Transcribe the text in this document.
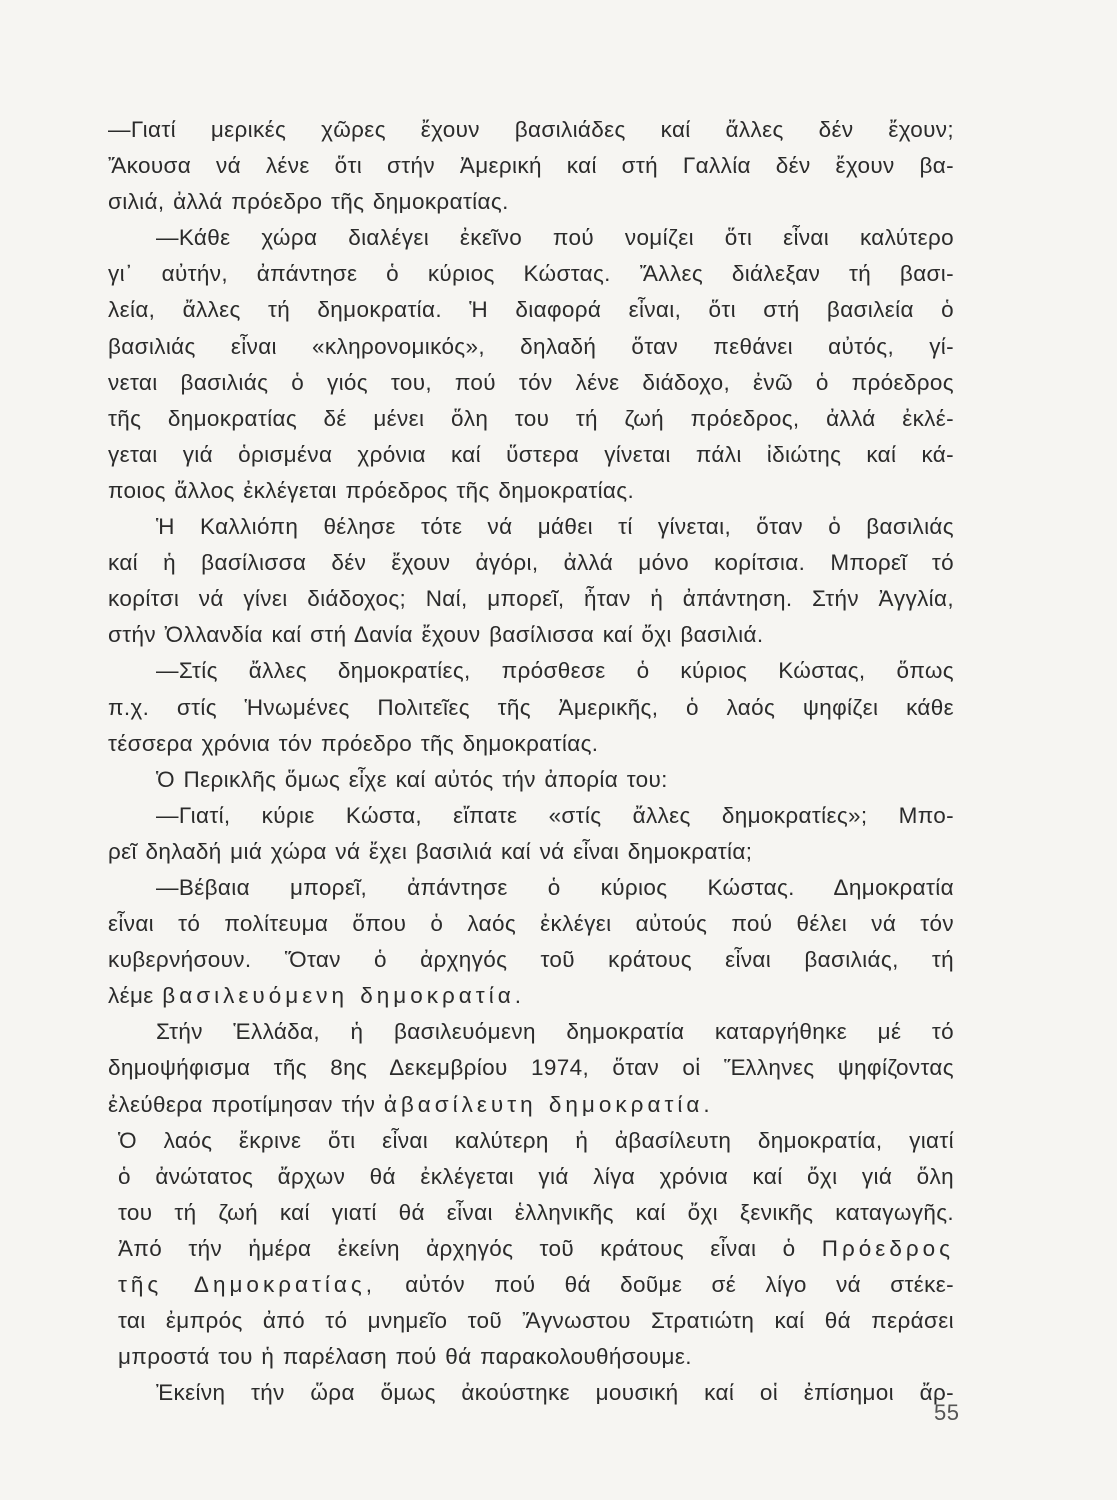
—Γιατί μερικές χῶρες ἔχουν βασιλιάδες καί ἄλλες δέν ἔχουν;
Ἄκουσα νά λένε ὅτι στήν Ἀμερική καί στή Γαλλία δέν ἔχουν βα-
σιλιά, ἀλλά πρόεδρο τῆς δημοκρατίας.
—Κάθε χώρα διαλέγει ἐκεῖνο πού νομίζει ὅτι εἶναι καλύτερο
γι᾽ αὐτήν, ἀπάντησε ὁ κύριος Κώστας. Ἄλλες διάλεξαν τή βασι-
λεία, ἄλλες τή δημοκρατία. Ἡ διαφορά εἶναι, ὅτι στή βασιλεία ὁ
βασιλιάς εἶναι «κληρονομικός», δηλαδή ὅταν πεθάνει αὐτός, γί-
νεται βασιλιάς ὁ γιός του, πού τόν λένε διάδοχο, ἐνῶ ὁ πρόεδρος
τῆς δημοκρατίας δέ μένει ὅλη του τή ζωή πρόεδρος, ἀλλά ἐκλέ-
γεται γιά ὁρισμένα χρόνια καί ὕστερα γίνεται πάλι ἰδιώτης καί κά-
ποιος ἄλλος ἐκλέγεται πρόεδρος τῆς δημοκρατίας.
Ἡ Καλλιόπη θέλησε τότε νά μάθει τί γίνεται, ὅταν ὁ βασιλιάς
καί ἡ βασίλισσα δέν ἔχουν ἀγόρι, ἀλλά μόνο κορίτσια. Μπορεῖ τό
κορίτσι νά γίνει διάδοχος; Ναί, μπορεῖ, ἦταν ἡ ἀπάντηση. Στήν Ἀγγλία,
στήν Ὀλλανδία καί στή Δανία ἔχουν βασίλισσα καί ὄχι βασιλιά.
—Στίς ἄλλες δημοκρατίες, πρόσθεσε ὁ κύριος Κώστας, ὅπως
π.χ. στίς Ἡνωμένες Πολιτεῖες τῆς Ἀμερικῆς, ὁ λαός ψηφίζει κάθε
τέσσερα χρόνια τόν πρόεδρο τῆς δημοκρατίας.
Ὁ Περικλῆς ὅμως εἶχε καί αὐτός τήν ἀπορία του:
—Γιατί, κύριε Κώστα, εἴπατε «στίς ἄλλες δημοκρατίες»; Μπο-
ρεῖ δηλαδή μιά χώρα νά ἔχει βασιλιά καί νά εἶναι δημοκρατία;
—Βέβαια μπορεῖ, ἀπάντησε ὁ κύριος Κώστας. Δημοκρατία
εἶναι τό πολίτευμα ὅπου ὁ λαός ἐκλέγει αὐτούς πού θέλει νά τόν
κυβερνήσουν. Ὅταν ὁ ἀρχηγός τοῦ κράτους εἶναι βασιλιάς, τή
λέμε βασιλευόμενη δημοκρατία.
Στήν Ἑλλάδα, ἡ βασιλευόμενη δημοκρατία καταργήθηκε μέ τό
δημοψήφισμα τῆς 8ης Δεκεμβρίου 1974, ὅταν οἱ Ἕλληνες ψηφίζοντας
ἐλεύθερα προτίμησαν τήν ἀβασίλευτη δημοκρατία.
Ὁ λαός ἔκρινε ὅτι εἶναι καλύτερη ἡ ἀβασίλευτη δημοκρατία, γιατί
ὁ ἀνώτατος ἄρχων θά ἐκλέγεται γιά λίγα χρόνια καί ὄχι γιά ὅλη
του τή ζωή καί γιατί θά εἶναι ἑλληνικῆς καί ὄχι ξενικῆς καταγωγῆς.
Ἀπό τήν ἡμέρα ἐκείνη ἀρχηγός τοῦ κράτους εἶναι ὁ Πρόεδρος
τῆς Δημοκρατίας, αὐτόν πού θά δοῦμε σέ λίγο νά στέκε-
ται ἐμπρός ἀπό τό μνημεῖο τοῦ Ἄγνωστου Στρατιώτη καί θά περάσει
μπροστά του ἡ παρέλαση πού θά παρακολουθήσουμε.
Ἐκείνη τήν ὥρα ὅμως ἀκούστηκε μουσική καί οἱ ἐπίσημοι ἄρ-
55
